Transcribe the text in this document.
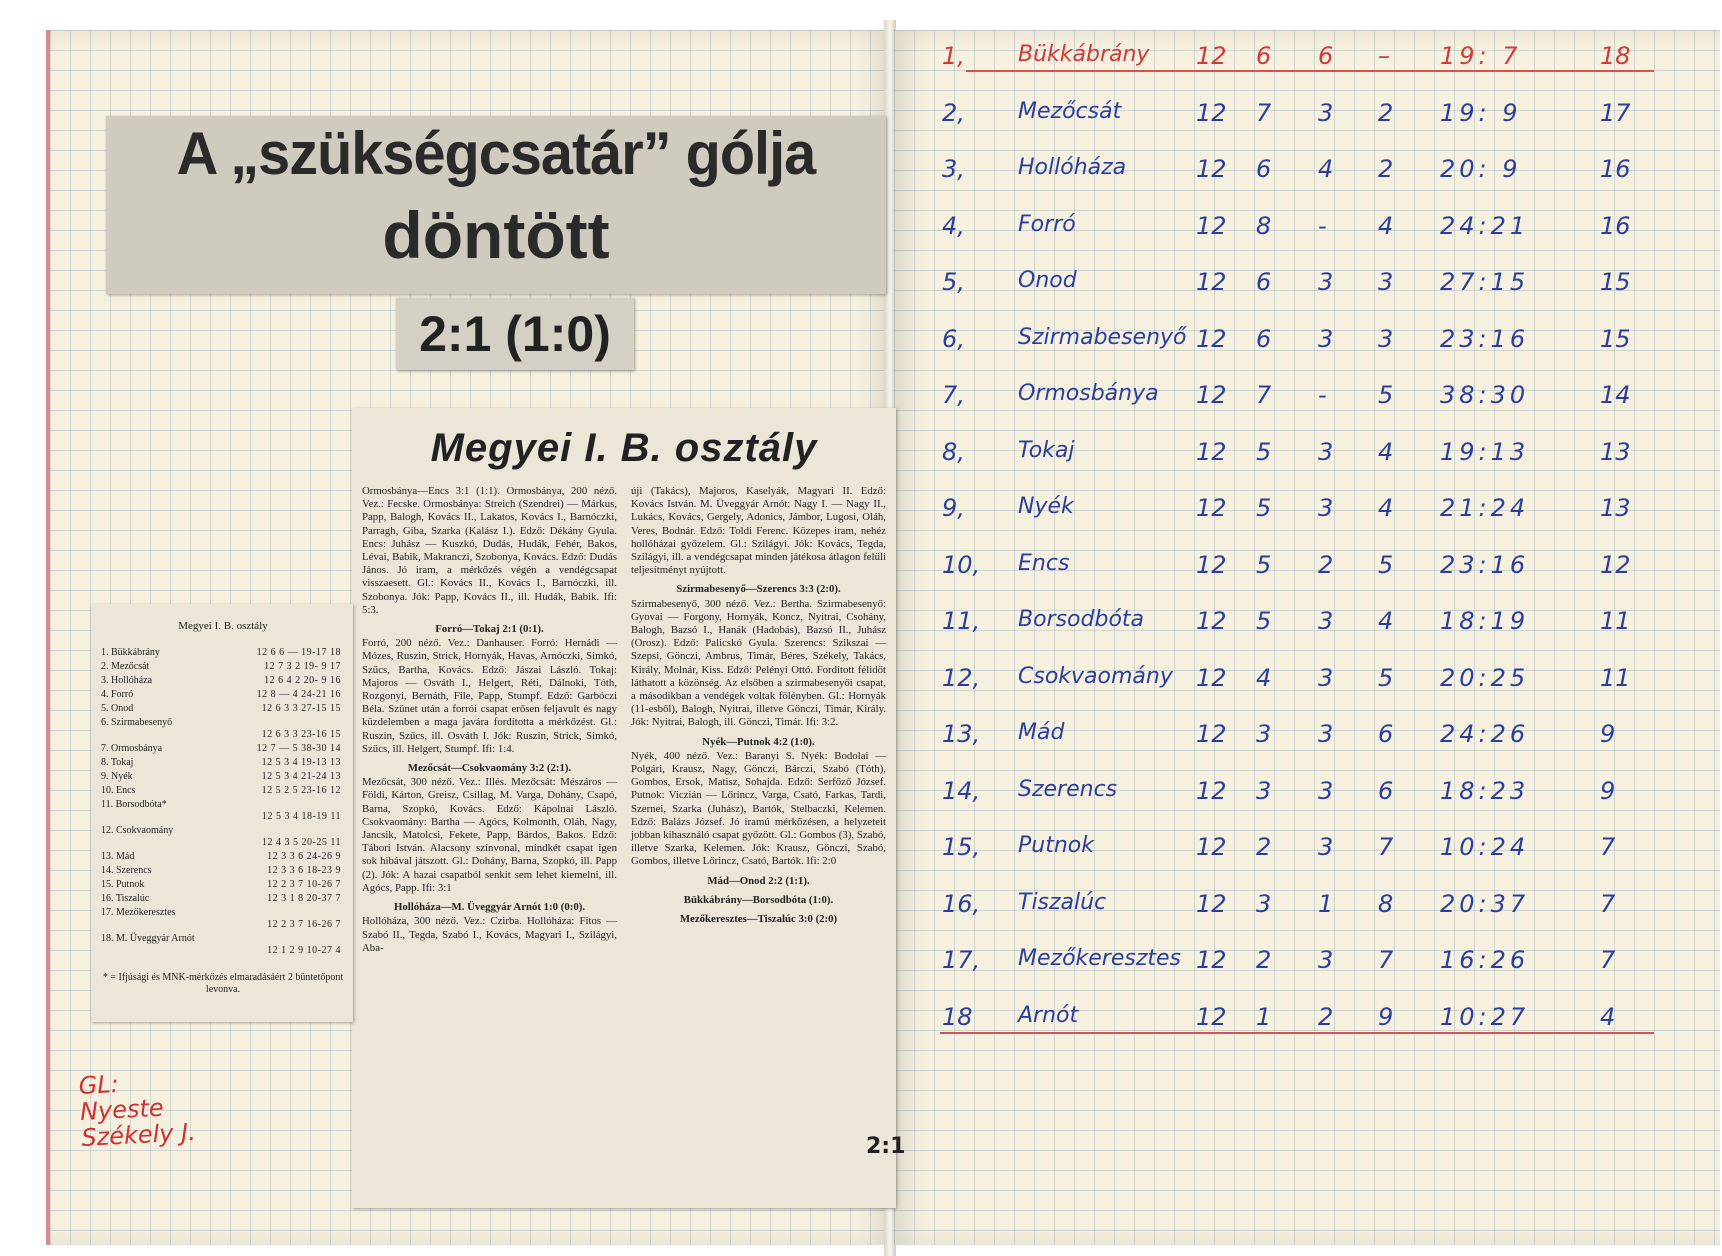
A „szükségcsatár” gólja
döntött
2:1 (1:0)
Megyei I. B. osztály

Ormosbánya—Encs 3:1 (1:1). Ormosbánya, 200 néző. Vez.: Fecske. Ormosbánya: Streich (Szendrei) — Márkus, Papp, Balogh, Kovács II., Lakatos, Kovács I., Barnóczki, Parragh, Giba, Szarka (Kalász I.). Edző: Dékány Gyula. Encs: Juhász — Kuszkó, Dudás, Hudák, Fehér, Bakos, Lévai, Babik, Makranczi, Szobonya, Kovács. Edző: Dudás János. Jó iram, a mérkőzés végén a vendégcsapat visszaesett. Gl.: Kovács II., Kovács I., Barnóczki, ill. Szobonya. Jók: Papp, Kovács II., ill. Hudák, Babik. Ifi: 5:3.

Forró—Tokaj 2:1 (0:1).

Forró, 200 néző. Vez.: Danhauser. Forró: Hernádi — Mózes, Ruszin, Strick, Hornyák, Havas, Arnóczki, Simkó, Szűcs, Bartha, Kovács. Edző: Jászai László. Tokaj: Majoros — Osváth I., Helgert, Réti, Dálnoki, Tóth, Rozgonyi, Bernáth, File, Papp, Stumpf. Edző: Garbóczi Béla. Szünet után a forrói csapat erősen feljavult és nagy küzdelemben a maga javára fordította a mérkőzést. Gl.: Ruszin, Szűcs, ill. Osváth I. Jók: Ruszin, Strick, Simkó, Szűcs, ill. Helgert, Stumpf. Ifi: 1:4.

Mezőcsát—Csokvaomány 3:2 (2:1).

Mezőcsát, 300 néző. Vez.: Illés. Mezőcsát: Mészáros — Földi, Kárton, Greisz, Csillag, M. Varga, Dohány, Csapó, Barna, Szopkó, Kovács. Edző: Kápolnai László. Csokvaomány: Bartha — Agócs, Kolmonth, Oláh, Nagy, Jancsik, Matolcsi, Fekete, Papp, Bárdos, Bakos. Edző: Tábori István. Alacsony színvonal, mindkét csapat igen sok hibával játszott. Gl.: Dohány, Barna, Szopkó, ill. Papp (2). Jók: A hazai csapatból senkit sem lehet kiemelni, ill. Agócs, Papp. Ifi: 3:1

Hollóháza—M. Üveggyár Arnót 1:0 (0:0).

Hollóháza, 300 néző. Vez.: Czirba. Hollóháza: Fitos — Szabó II., Tegda, Szabó I., Kovács, Magyari I., Szilágyi, Aba-

úji (Takács), Majoros, Kaselyák, Magyari II. Edző: Kovács István. M. Üveggyár Arnót: Nagy I. — Nagy II., Lukács, Kovács, Gergely, Adonics, Jámbor, Lugosi, Oláh, Veres, Bodnár. Edző: Toldi Ferenc. Közepes iram, nehéz hollóházai győzelem. Gl.: Szilágyi. Jók: Kovács, Tegda, Szilágyi, ill. a vendégcsapat minden játékosa átlagon felüli teljesítményt nyújtott.

Szirmabesenyő—Szerencs 3:3 (2:0).

Szirmabesenyő, 300 néző. Vez.: Bertha. Szirmabesenyő: Gyovai — Forgony, Hornyák, Koncz, Nyitrai, Csohány, Balogh, Bazsó I., Hanák (Hadobás), Bazsó II., Juhász (Orosz). Edző: Palicskó Gyula. Szerencs: Szikszai — Szepsi, Gönczi, Ambrus, Timár, Béres, Székely, Takács, Király, Molnár, Kiss. Edző: Pelényi Ottó. Fordított félidőt láthatott a közönség. Az elsőben a szirmabesenyői csapat, a másodikban a vendégek voltak fölényben. Gl.: Hornyák (11-esből), Balogh, Nyitrai, illetve Gönczi, Timár, Király. Jók: Nyitrai, Balogh, ill. Gönczi, Timár. Ifi: 3:2.

Nyék—Putnok 4:2 (1:0).

Nyék, 400 néző. Vez.: Baranyi S. Nyék: Bodolai — Polgári, Krausz, Nagy, Gönczi, Bárczi, Szabó (Tóth), Gombos, Ersok, Matisz, Sohajda. Edző: Serfőző József. Putnok: Viczián — Lőrincz, Varga, Csató, Farkas, Tardi, Szernei, Szarka (Juhász), Bartók, Stelbaczki, Kelemen. Edző: Balázs József. Jó iramú mérkőzésen, a helyzeteit jobban kihasználó csapat győzött. Gl.: Gombos (3), Szabó, illetve Szarka, Kelemen. Jók: Krausz, Gönczi, Szabó, Gombos, illetve Lőrincz, Csató, Bartók. Ifi: 2:0

Mád—Onod 2:2 (1:1).
Bükkábrány—Borsodbóta (1:0).
Mezőkeresztes—Tiszalúc 3:0 (2:0)
2:1
Megyei I. B. osztály
1. Bükkábrány	12 6 6 — 19-17 18
2. Mezőcsát	12 7 3 2 19- 9 17
3. Hollóháza	12 6 4 2 20- 9 16
4. Forró	12 8 — 4 24-21 16
5. Onod	12 6 3 3 27-15 15
6. Szirmabesenyő
12 6 3 3 23-16 15
7. Ormosbánya	12 7 — 5 38-30 14
8. Tokaj	12 5 3 4 19-13 13
9. Nyék	12 5 3 4 21-24 13
10. Encs	12 5 2 5 23-16 12
11. Borsodbóta*
12 5 3 4 18-19 11
12. Csokvaomány
12 4 3 5 20-25 11
13. Mád	12 3 3 6 24-26 9
14. Szerencs	12 3 3 6 18-23 9
15. Putnok	12 2 3 7 10-26 7
16. Tiszalúc	12 3 1 8 20-37 7
17. Mezőkeresztes
12 2 3 7 16-26 7
18. M. Üveggyár Arnót
12 1 2 9 10-27 4
* = Ifjúsági és MNK-mérkőzés elmaradásáért 2 büntetőpont levonva.
GL:
Nyeste
Székely J.
1, Bükkábrány 12 6 6 – 19: 7	18
2, Mezőcsát	12 7 3 2 19: 9	17
3, Hollóháza	12 6 4 2 20: 9	16
4, Forró	12 8 - 4 24:21	16
5, Onod	12 6 3 3 27:15	15
6, Szirmabesenyő 12 6 3 3 23:16	15
7, Ormosbánya 12 7 - 5 38:30	14
8, Tokaj	12 5 3 4 19:13	13
9, Nyék	12 5 3 4 21:24	13
10, Encs	12 5 2 5 23:16	12
11, Borsodbóta 12 5 3 4 18:19	11
12, Csokvaomány 12 4 3 5 20:25	11
13, Mád	12 3 3 6 24:26	9
14, Szerencs	12 3 3 6 18:23	9
15, Putnok	12 2 3 7 10:24	7
16, Tiszalúc	12 3 1 8 20:37	7
17, Mezőkeresztes 12 2 3 7 16:26	7
18 Arnót	12 1 2 9 10:27	4
